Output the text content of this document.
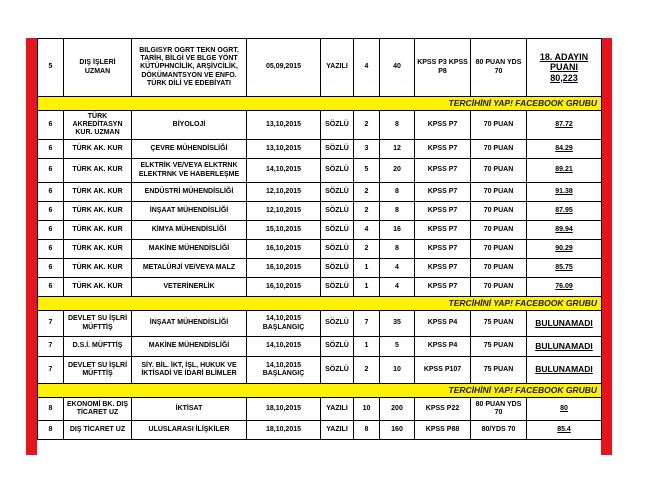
5	DIŞ İŞLERİ UZMAN	BILGISYR OGRT TEKN OGRT. TARİH, BİLGİ VE BLGE YÖNT KÜTÜPHNCİLİK, ARŞİVCİLİK, DÖKÜMANTSYON VE ENFO. TÜRK DİLİ VE EDEBİYATI	05,09,2015	YAZILI	4	40	KPSS P3 KPSS P8	80 PUAN YDS 70	18. ADAYIN
PUANI
80,223

TERCİHİNİ YAP! FACEBOOK GRUBU									
6	TÜRK AKREDİTASYN KUR. UZMAN	BİYOLOJİ	13,10,2015	SÖZLÜ	2	8	KPSS P7	70 PUAN	87.72
6	TÜRK AK. KUR	ÇEVRE MÜHENDİSLİĞİ	13,10,2015	SÖZLÜ	3	12	KPSS P7	70 PUAN	84.29
6	TÜRK AK. KUR	ELKTRİK VE/VEYA ELKTRNK ELEKTRNK VE HABERLEŞME	14,10,2015	SÖZLÜ	5	20	KPSS P7	70 PUAN	89.21
6	TÜRK AK. KUR	ENDÜSTRİ MÜHENDİSLİĞİ	12,10,2015	SÖZLÜ	2	8	KPSS P7	70 PUAN	91.38
6	TÜRK AK. KUR	İNŞAAT MÜHENDİSLİĞİ	12,10,2015	SÖZLÜ	2	8	KPSS P7	70 PUAN	87.95
6	TÜRK AK. KUR	KİMYA MÜHENDİSLİĞİ	15,10,2015	SÖZLÜ	4	16	KPSS P7	70 PUAN	89.94
6	TÜRK AK. KUR	MAKİNE MÜHENDİSLİĞİ	16,10,2015	SÖZLÜ	2	8	KPSS P7	70 PUAN	90.29
6	TÜRK AK. KUR	METALÜRJİ VE/VEYA MALZ	16,10,2015	SÖZLÜ	1	4	KPSS P7	70 PUAN	85.75
6	TÜRK AK. KUR	VETERİNERLİK	16,10,2015	SÖZLÜ	1	4	KPSS P7	70 PUAN	76.09
TERCİHİNİ YAP! FACEBOOK GRUBU									
7	DEVLET SU İŞLRİ MÜFTTİŞ	İNŞAAT MÜHENDİSLİĞİ	14,10,2015 BAŞLANGIÇ	SÖZLÜ	7	35	KPSS P4	75 PUAN	BULUNAMADI
7	D.S.İ. MÜFTTİŞ	MAKİNE MÜHENDİSLİĞİ	14,10,2015	SÖZLÜ	1	5	KPSS P4	75 PUAN	BULUNAMADI
7	DEVLET SU İŞLRİ MÜFTTİŞ	SİY. BİL. İKT, İŞL, HUKUK VE İKTİSADİ VE İDARİ BLİMLER	14,10,2015 BAŞLANGIÇ	SÖZLÜ	2	10	KPSS P107	75 PUAN	BULUNAMADI
TERCİHİNİ YAP! FACEBOOK GRUBU									
8	EKONOMİ BK. DIŞ TİCARET UZ	İKTİSAT	18,10,2015	YAZILI	10	200	KPSS P22	80 PUAN YDS 70	80
8	DIŞ TİCARET UZ	ULUSLARASI İLİŞKİLER	18,10,2015	YAZILI	8	160	KPSS P88	80/YDS 70	85.4
